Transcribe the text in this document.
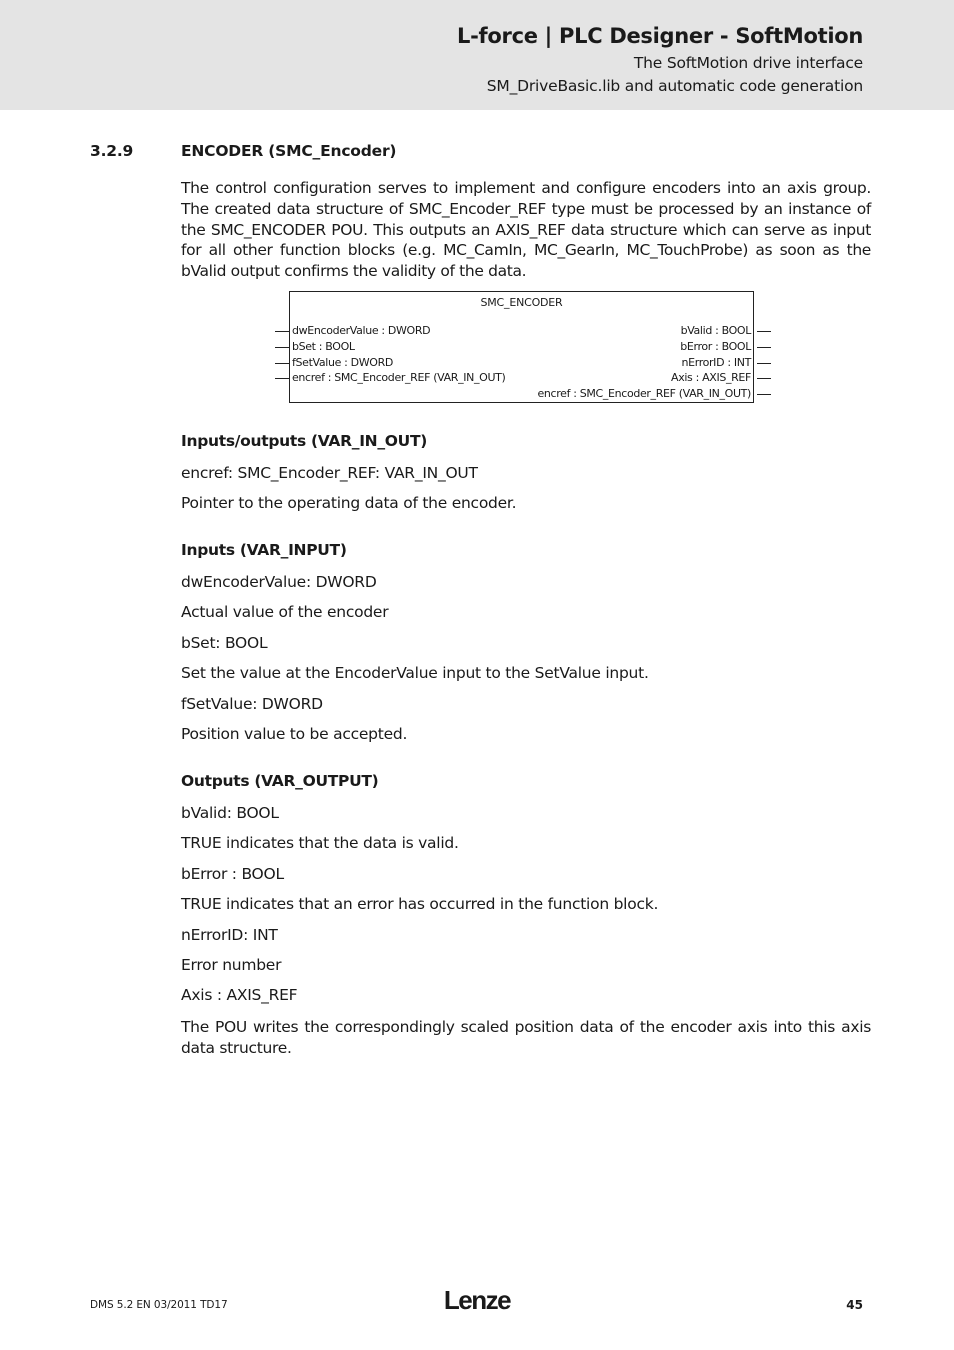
L-force | PLC Designer - SoftMotion
The SoftMotion drive interface
SM_DriveBasic.lib and automatic code generation
3.2.9	ENCODER (SMC_Encoder)

The control configuration serves to implement and configure encoders into an axis group. The created data structure of SMC_Encoder_REF type must be processed by an instance of the SMC_ENCODER POU. This outputs an AXIS_REF data structure which can serve as input for all other function blocks (e.g. MC_CamIn, MC_GearIn, MC_TouchProbe) as soon as the bValid output confirms the validity of the data.

SMC_ENCODER
dwEncoderValue : DWORD
bSet : BOOL
fSetValue : DWORD
encref : SMC_Encoder_REF (VAR_IN_OUT)
bValid : BOOL
bError : BOOL
nErrorID : INT
Axis : AXIS_REF
encref : SMC_Encoder_REF (VAR_IN_OUT)
Inputs/outputs (VAR_IN_OUT)
encref: SMC_Encoder_REF: VAR_IN_OUT
Pointer to the operating data of the encoder.
Inputs (VAR_INPUT)
dwEncoderValue: DWORD
Actual value of the encoder
bSet: BOOL
Set the value at the EncoderValue input to the SetValue input.
fSetValue: DWORD
Position value to be accepted.
Outputs (VAR_OUTPUT)
bValid: BOOL
TRUE indicates that the data is valid.
bError : BOOL
TRUE indicates that an error has occurred in the function block.
nErrorID: INT
Error number
Axis : AXIS_REF

The POU writes the correspondingly scaled position data of the encoder axis into this axis data structure.

DMS 5.2 EN 03/2011 TD17	Lenze	45
